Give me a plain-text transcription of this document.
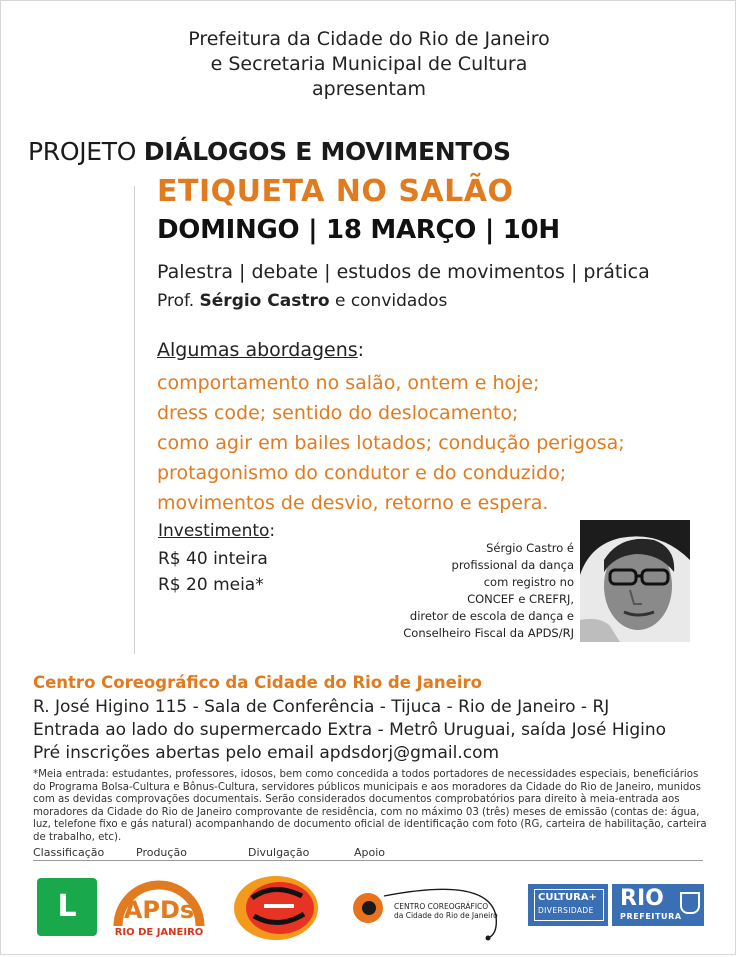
Prefeitura da Cidade do Rio de Janeiro
e Secretaria Municipal de Cultura
apresentam
PROJETO DIÁLOGOS E MOVIMENTOS
ETIQUETA NO SALÃO
DOMINGO | 18 MARÇO | 10H
Palestra | debate | estudos de movimentos | prática
Prof. Sérgio Castro e convidados
Algumas abordagens:
comportamento no salão, ontem e hoje;
dress code; sentido do deslocamento;
como agir em bailes lotados; condução perigosa;
protagonismo do condutor e do conduzido;
movimentos de desvio, retorno e espera.
Investimento:
R$ 40 inteira
R$ 20 meia*
Sérgio Castro é
profissional da dança
com registro no
CONCEF e CREFRJ,
diretor de escola de dança e
Conselheiro Fiscal da APDS/RJ
Centro Coreográfico da Cidade do Rio de Janeiro
R. José Higino 115 - Sala de Conferência - Tijuca - Rio de Janeiro - RJ
Entrada ao lado do supermercado Extra - Metrô Uruguai, saída José Higino
Pré inscrições abertas pelo email apdsdorj@gmail.com
*Meia entrada: estudantes, professores, idosos, bem como concedida a todos portadores de necessidades especiais, beneficiários do Programa Bolsa-Cultura e Bônus-Cultura, servidores públicos municipais e aos moradores da Cidade do Rio de Janeiro, munidos com as devidas comprovações documentais. Serão considerados documentos comprobatórios para direito à meia-entrada aos moradores da Cidade do Rio de Janeiro comprovante de residência, com no máximo 03 (três) meses de emissão (contas de: água, luz, telefone fixo e gás natural) acompanhando de documento oficial de identificação com foto (RG, carteira de habilitação, carteira de trabalho, etc).
Classificação	Produção	Divulgação	Apoio
L	APDs
RIO DE JANEIRO
CENTRO COREOGRÁFICO
da Cidade do Rio de Janeiro
CULTURA+
DIVERSIDADE RIO
PREFEITURA
